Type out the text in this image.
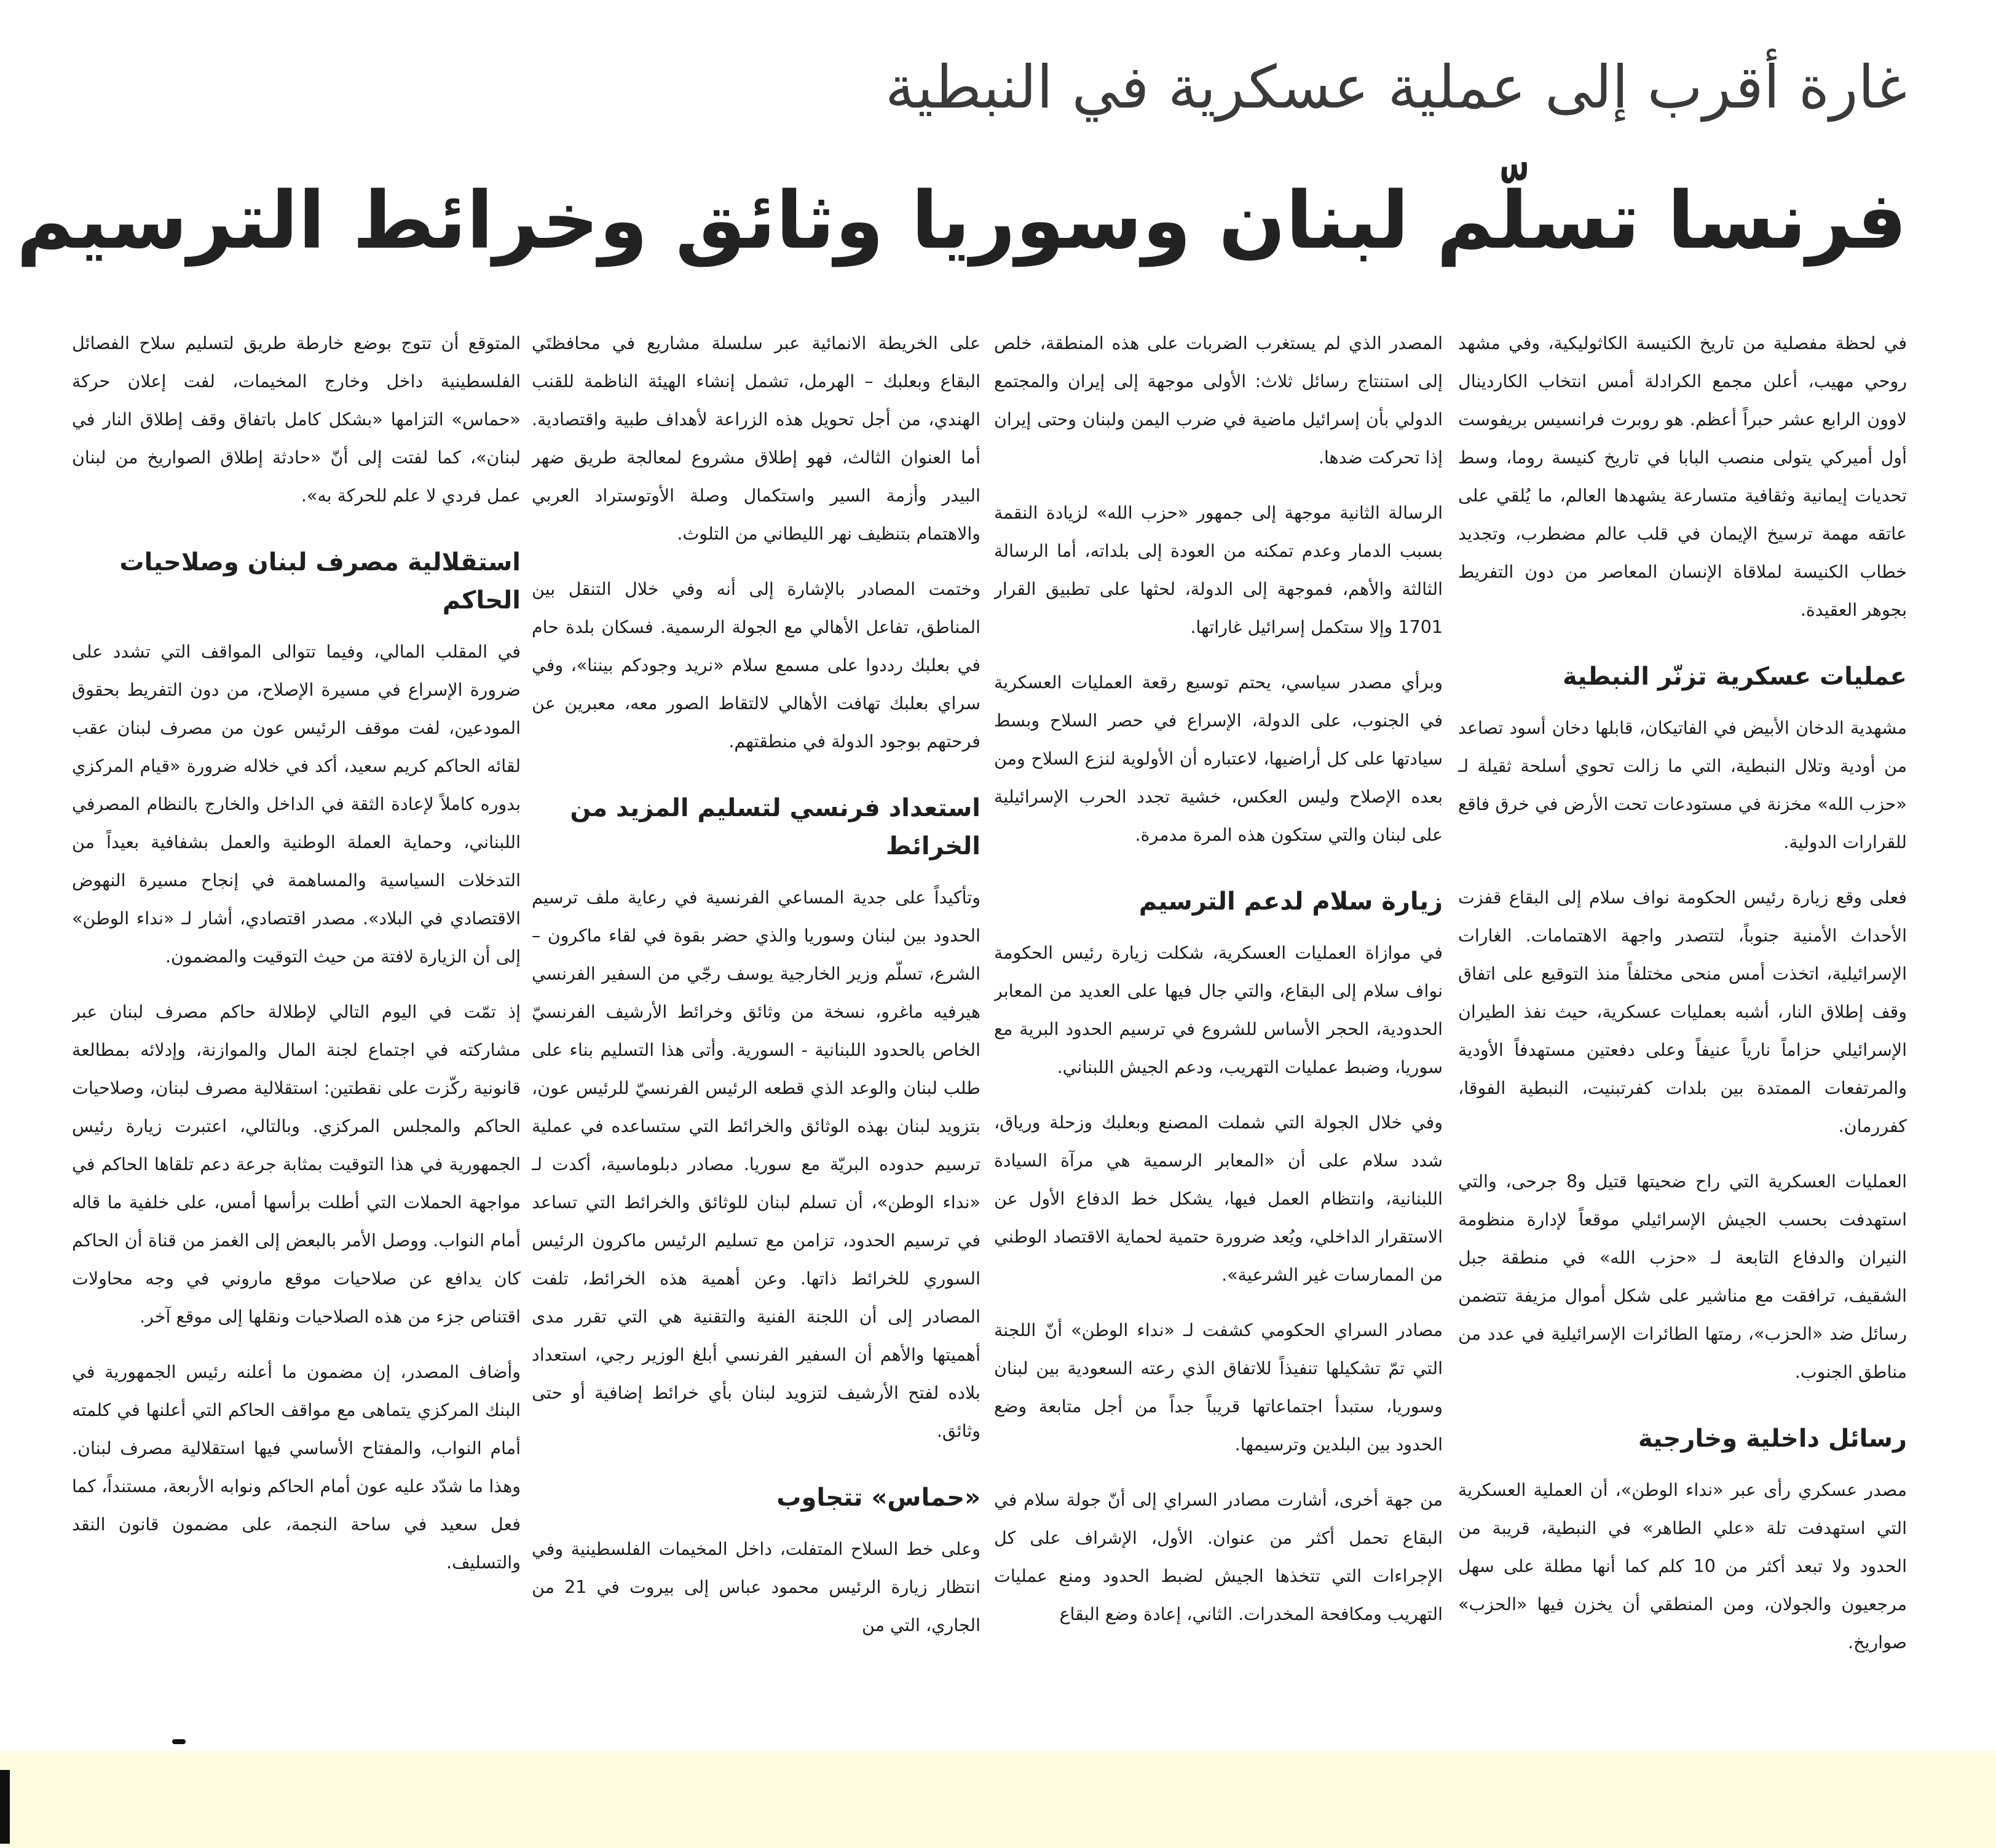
غارة أقرب إلى عملية عسكرية في النبطية
فرنسا تسلّم لبنان وسوريا وثائق وخرائط الترسيم

في لحظة مفصلية من تاريخ الكنيسة الكاثوليكية، وفي مشهد روحي مهيب، أعلن مجمع الكرادلة أمس انتخاب الكاردينال لاوون الرابع عشر حبراً أعظم. هو روبرت فرانسيس بريفوست أول أميركي يتولى منصب البابا في تاريخ كنيسة روما، وسط تحديات إيمانية وثقافية متسارعة يشهدها العالم، ما يُلقي على عاتقه مهمة ترسيخ الإيمان في قلب عالم مضطرب، وتجديد خطاب الكنيسة لملاقاة الإنسان المعاصر من دون التفريط بجوهر العقيدة.

عمليات عسكرية تزنّر النبطية

مشهدية الدخان الأبيض في الفاتيكان، قابلها دخان أسود تصاعد من أودية وتلال النبطية، التي ما زالت تحوي أسلحة ثقيلة لـ «حزب الله» مخزنة في مستودعات تحت الأرض في خرق فاقع للقرارات الدولية.

فعلى وقع زيارة رئيس الحكومة نواف سلام إلى البقاع قفزت الأحداث الأمنية جنوباً، لتتصدر واجهة الاهتمامات. الغارات الإسرائيلية، اتخذت أمس منحى مختلفاً منذ التوقيع على اتفاق وقف إطلاق النار، أشبه بعمليات عسكرية، حيث نفذ الطيران الإسرائيلي حزاماً نارياً عنيفاً وعلى دفعتين مستهدفاً الأودية والمرتفعات الممتدة بين بلدات كفرتبنيت، النبطية الفوقا، كفررمان.

العمليات العسكرية التي راح ضحيتها قتيل و8 جرحى، والتي استهدفت بحسب الجيش الإسرائيلي موقعاً لإدارة منظومة النيران والدفاع التابعة لـ «حزب الله» في منطقة جبل الشقيف، ترافقت مع مناشير على شكل أموال مزيفة تتضمن رسائل ضد «الحزب»، رمتها الطائرات الإسرائيلية في عدد من مناطق الجنوب.

رسائل داخلية وخارجية

مصدر عسكري رأى عبر «نداء الوطن»، أن العملية العسكرية التي استهدفت تلة «علي الطاهر» في النبطية، قريبة من الحدود ولا تبعد أكثر من 10 كلم كما أنها مطلة على سهل مرجعيون والجولان، ومن المنطقي أن يخزن فيها «الحزب» صواريخ.

المصدر الذي لم يستغرب الضربات على هذه المنطقة، خلص إلى استنتاج رسائل ثلاث: الأولى موجهة إلى إيران والمجتمع الدولي بأن إسرائيل ماضية في ضرب اليمن ولبنان وحتى إيران إذا تحركت ضدها.

الرسالة الثانية موجهة إلى جمهور «حزب الله» لزيادة النقمة بسبب الدمار وعدم تمكنه من العودة إلى بلداته، أما الرسالة الثالثة والأهم، فموجهة إلى الدولة، لحثها على تطبيق القرار 1701 وإلا ستكمل إسرائيل غاراتها.

وبرأي مصدر سياسي، يحتم توسيع رقعة العمليات العسكرية في الجنوب، على الدولة، الإسراع في حصر السلاح وبسط سيادتها على كل أراضيها، لاعتباره أن الأولوية لنزع السلاح ومن بعده الإصلاح وليس العكس، خشية تجدد الحرب الإسرائيلية على لبنان والتي ستكون هذه المرة مدمرة.

زيارة سلام لدعم الترسيم

في موازاة العمليات العسكرية، شكلت زيارة رئيس الحكومة نواف سلام إلى البقاع، والتي جال فيها على العديد من المعابر الحدودية، الحجر الأساس للشروع في ترسيم الحدود البرية مع سوريا، وضبط عمليات التهريب، ودعم الجيش اللبناني.

وفي خلال الجولة التي شملت المصنع وبعلبك وزحلة ورياق، شدد سلام على أن «المعابر الرسمية هي مرآة السيادة اللبنانية، وانتظام العمل فيها، يشكل خط الدفاع الأول عن الاستقرار الداخلي، ويُعد ضرورة حتمية لحماية الاقتصاد الوطني من الممارسات غير الشرعية».

مصادر السراي الحكومي كشفت لـ «نداء الوطن» أنّ اللجنة التي تمّ تشكيلها تنفيذاً للاتفاق الذي رعته السعودية بين لبنان وسوريا، ستبدأ اجتماعاتها قريباً جداً من أجل متابعة وضع الحدود بين البلدين وترسيمها.

من جهة أخرى، أشارت مصادر السراي إلى أنّ جولة سلام في البقاع تحمل أكثر من عنوان. الأول، الإشراف على كل الإجراءات التي تتخذها الجيش لضبط الحدود ومنع عمليات التهريب ومكافحة المخدرات. الثاني، إعادة وضع البقاع

على الخريطة الانمائية عبر سلسلة مشاريع في محافظتَي البقاع وبعلبك – الهرمل، تشمل إنشاء الهيئة الناظمة للقنب الهندي، من أجل تحويل هذه الزراعة لأهداف طبية واقتصادية. أما العنوان الثالث، فهو إطلاق مشروع لمعالجة طريق ضهر البيدر وأزمة السير واستكمال وصلة الأوتوستراد العربي والاهتمام بتنظيف نهر الليطاني من التلوث.

وختمت المصادر بالإشارة إلى أنه وفي خلال التنقل بين المناطق، تفاعل الأهالي مع الجولة الرسمية. فسكان بلدة حام في بعلبك رددوا على مسمع سلام «نريد وجودكم بيننا»، وفي سراي بعلبك تهافت الأهالي لالتقاط الصور معه، معبرين عن فرحتهم بوجود الدولة في منطقتهم.

استعداد فرنسي لتسليم المزيد من الخرائط

وتأكيداً على جدية المساعي الفرنسية في رعاية ملف ترسيم الحدود بين لبنان وسوريا والذي حضر بقوة في لقاء ماكرون – الشرع، تسلّم وزير الخارجية يوسف رجّي من السفير الفرنسي هيرفيه ماغرو، نسخة من وثائق وخرائط الأرشيف الفرنسيّ الخاص بالحدود اللبنانية - السورية. وأتى هذا التسليم بناء على طلب لبنان والوعد الذي قطعه الرئيس الفرنسيّ للرئيس عون، بتزويد لبنان بهذه الوثائق والخرائط التي ستساعده في عملية ترسيم حدوده البريّة مع سوريا. مصادر دبلوماسية، أكدت لـ «نداء الوطن»، أن تسلم لبنان للوثائق والخرائط التي تساعد في ترسيم الحدود، تزامن مع تسليم الرئيس ماكرون الرئيس السوري للخرائط ذاتها. وعن أهمية هذه الخرائط، تلفت المصادر إلى أن اللجنة الفنية والتقنية هي التي تقرر مدى أهميتها والأهم أن السفير الفرنسي أبلغ الوزير رجي، استعداد بلاده لفتح الأرشيف لتزويد لبنان بأي خرائط إضافية أو حتى وثائق.

«حماس» تتجاوب

وعلى خط السلاح المتفلت، داخل المخيمات الفلسطينية وفي انتظار زيارة الرئيس محمود عباس إلى بيروت في 21 من الجاري، التي من

المتوقع أن تتوج بوضع خارطة طريق لتسليم سلاح الفصائل الفلسطينية داخل وخارج المخيمات، لفت إعلان حركة «حماس» التزامها «بشكل كامل باتفاق وقف إطلاق النار في لبنان»، كما لفتت إلى أنّ «حادثة إطلاق الصواريخ من لبنان عمل فردي لا علم للحركة به».

استقلالية مصرف لبنان وصلاحيات الحاكم

في المقلب المالي، وفيما تتوالى المواقف التي تشدد على ضرورة الإسراع في مسيرة الإصلاح، من دون التفريط بحقوق المودعين، لفت موقف الرئيس عون من مصرف لبنان عقب لقائه الحاكم كريم سعيد، أكد في خلاله ضرورة «قيام المركزي بدوره كاملاً لإعادة الثقة في الداخل والخارج بالنظام المصرفي اللبناني، وحماية العملة الوطنية والعمل بشفافية بعيداً من التدخلات السياسية والمساهمة في إنجاح مسيرة النهوض الاقتصادي في البلاد». مصدر اقتصادي، أشار لـ «نداء الوطن» إلى أن الزيارة لافتة من حيث التوقيت والمضمون.

إذ تمّت في اليوم التالي لإطلالة حاكم مصرف لبنان عبر مشاركته في اجتماع لجنة المال والموازنة، وإدلائه بمطالعة قانونية ركّزت على نقطتين: استقلالية مصرف لبنان، وصلاحيات الحاكم والمجلس المركزي. وبالتالي، اعتبرت زيارة رئيس الجمهورية في هذا التوقيت بمثابة جرعة دعم تلقاها الحاكم في مواجهة الحملات التي أطلت برأسها أمس، على خلفية ما قاله أمام النواب. ووصل الأمر بالبعض إلى الغمز من قناة أن الحاكم كان يدافع عن صلاحيات موقع ماروني في وجه محاولات اقتناص جزء من هذه الصلاحيات ونقلها إلى موقع آخر.

وأضاف المصدر، إن مضمون ما أعلنه رئيس الجمهورية في البنك المركزي يتماهى مع مواقف الحاكم التي أعلنها في كلمته أمام النواب، والمفتاح الأساسي فيها استقلالية مصرف لبنان. وهذا ما شدّد عليه عون أمام الحاكم ونوابه الأربعة، مستنداً، كما فعل سعيد في ساحة النجمة، على مضمون قانون النقد والتسليف.
